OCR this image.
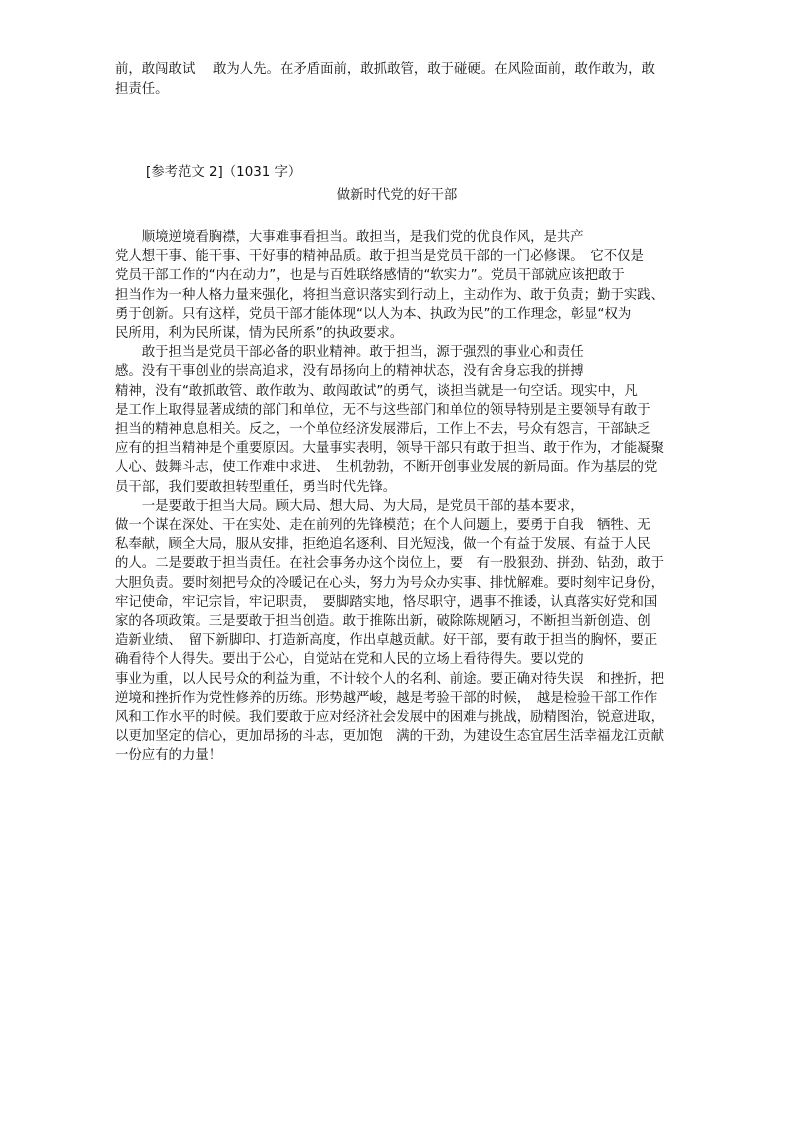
前，敢闯敢试　 敢为人先。在矛盾面前，敢抓敢管，敢于碰硬。在风险面前，敢作敢为，敢
担责任。
[参考范文 2]（1031 字）
做新时代党的好干部
　　顺境逆境看胸襟，大事难事看担当。敢担当，是我们党的优良作风，是共产
党人想干事、能干事、干好事的精神品质。敢于担当是党员干部的一门必修课。　它不仅是
党员干部工作的“内在动力”，也是与百姓联络感情的“软实力”。党员干部就应该把敢于
担当作为一种人格力量来强化，将担当意识落实到行动上，主动作为、敢于负责；勤于实践、
勇于创新。只有这样，党员干部才能体现“以人为本、执政为民”的工作理念，彰显“权为
民所用，利为民所谋，情为民所系”的执政要求。
　　敢于担当是党员干部必备的职业精神。敢于担当，源于强烈的事业心和责任
感。没有干事创业的崇高追求，没有昂扬向上的精神状态，没有舍身忘我的拼搏
精神，没有“敢抓敢管、敢作敢为、敢闯敢试”的勇气，谈担当就是一句空话。现实中，凡
是工作上取得显著成绩的部门和单位，无不与这些部门和单位的领导特别是主要领导有敢于
担当的精神息息相关。反之，一个单位经济发展滞后，工作上不去，号众有怨言，干部缺乏
应有的担当精神是个重要原因。大量事实表明，领导干部只有敢于担当、敢于作为，才能凝聚
人心、鼓舞斗志，使工作难中求进、　生机勃勃，不断开创事业发展的新局面。作为基层的党
员干部，我们要敢担转型重任，勇当时代先锋。
　　一是要敢于担当大局。顾大局、想大局、为大局，是党员干部的基本要求，
做一个谋在深处、干在实处、走在前列的先锋模范；在个人问题上，要勇于自我　牺牲、无
私奉献，顾全大局，服从安排，拒绝追名逐利、目光短浅，做一个有益于发展、有益于人民
的人。二是要敢于担当责任。在社会事务办这个岗位上，要　有一股狠劲、拼劲、钻劲，敢于
大胆负责。要时刻把号众的冷暖记在心头，努力为号众办实事、排忧解难。要时刻牢记身份，
牢记使命，牢记宗旨，牢记职责，　要脚踏实地，恪尽职守，遇事不推诿，认真落实好党和国
家的各项政策。三是要敢于担当创造。敢于推陈出新，破除陈规陋习，不断担当新创造、创
造新业绩、　留下新脚印、打造新高度，作出卓越贡献。好干部，要有敢于担当的胸怀，要正
确看待个人得失。要出于公心，自觉站在党和人民的立场上看待得失。要以党的
事业为重，以人民号众的利益为重，不计较个人的名利、前途。要正确对待失误　和挫折，把
逆境和挫折作为党性修养的历练。形势越严峻，越是考验干部的时候，　越是检验干部工作作
风和工作水平的时候。我们要敢于应对经济社会发展中的困难与挑战，励精图治，锐意进取，
以更加坚定的信心，更加昂扬的斗志，更加饱　满的干劲，为建设生态宜居生活幸福龙江贡献
一份应有的力量！
